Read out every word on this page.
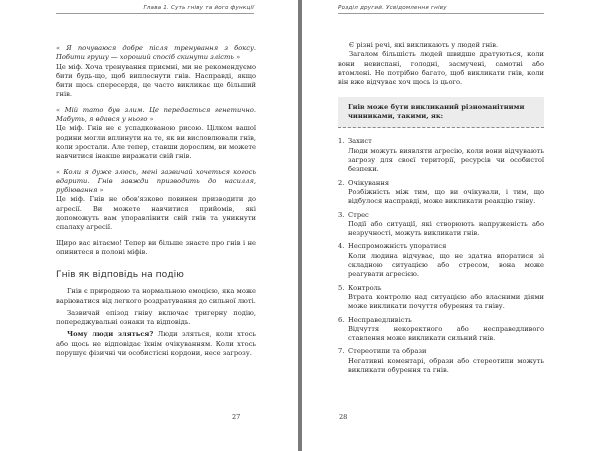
Глава 1. Суть гніву та його функції

« Я почуваюся добре після тренування з боксу. Побити грушу — хороший спосіб скинути злість »

Це міф. Хоча тренування приємні, ми не рекомендуємо бити будь-що, щоб виплеснути гнів. Насправді, якщо бити щось спересердя, це часто викликає ще більший гнів.

« Мій тато був злим. Це передається генетично. Мабуть, я вдався у нього »

Це міф. Гнів не є успадкованою рисою. Цілком вашої родини могли вплинути на те, як ви висловлювали гнів, коли зростали. Але тепер, ставши дорослим, ви можете навчитися інакше виражати свій гнів.

« Коли я дуже злюсь, мені зазвичай хочеться когось вдарити. Гнів завжди призводить до насилля, рубіювання »

Це міф. Гнів не обов'язково повинен призводити до агресії. Ви можете навчитися прийомів, які допоможуть вам упоравлінити свій гнів та уникнути спалаху агресії.

Щиро вас вітаємо! Тепер ви більше знаєте про гнів і не опинитеся в полоні міфів.

Гнів як відповідь на подію

Гнів є природною та нормальною емоцією, яка може варіюватися від легкого роздратування до сильної люті.

Зазвичай епізод гніву включає тригерну подію, попереджувальні ознаки та відповідь.

Чому люди зляться? Люди зляться, коли хтось або щось не відповідає їхнім очікуванням. Коли хтось порушує фізичні чи особистісні кордони, несе загрозу.

27
Розділ другий. Усвідомлення гніву

Є різні речі, які викликають у людей гнів.

Загалом більшість людей швидше дратуються, коли вони невиспані, голодні, засмучені, самотні або втомлені. Не потрібно багато, щоб викликати гнів, коли він вже відчуває хоч щось із цього.

Гнів може бути викликаний різноманітними чинниками, такими, як:
1. Захист
Люди можуть виявляти агресію, коли вони відчувають загрозу для своєї території, ресурсів чи особистої безпеки.
2. Очікування
Розбіжність між тим, що ви очікували, і тим, що відбулося насправді, може викликати реакцію гніву.
3. Стрес
Події або ситуації, які створюють напруженість або незручності, можуть викликати гнів.
4. Неспроможність упоратися
Коли людина відчуває, що не здатна впоратися зі складною ситуацією або стресом, вона може реагувати агресією.
5. Контроль
Втрата контролю над ситуацією або власними діями може викликати почуття обурення та гніву.
6. Несправедливість
Відчуття некоректного або несправедливого ставлення може викликати сильний гнів.
7. Стереотипи та образи
Негативні коментарі, образи або стереотипи можуть викликати обурення та гнів.
28
